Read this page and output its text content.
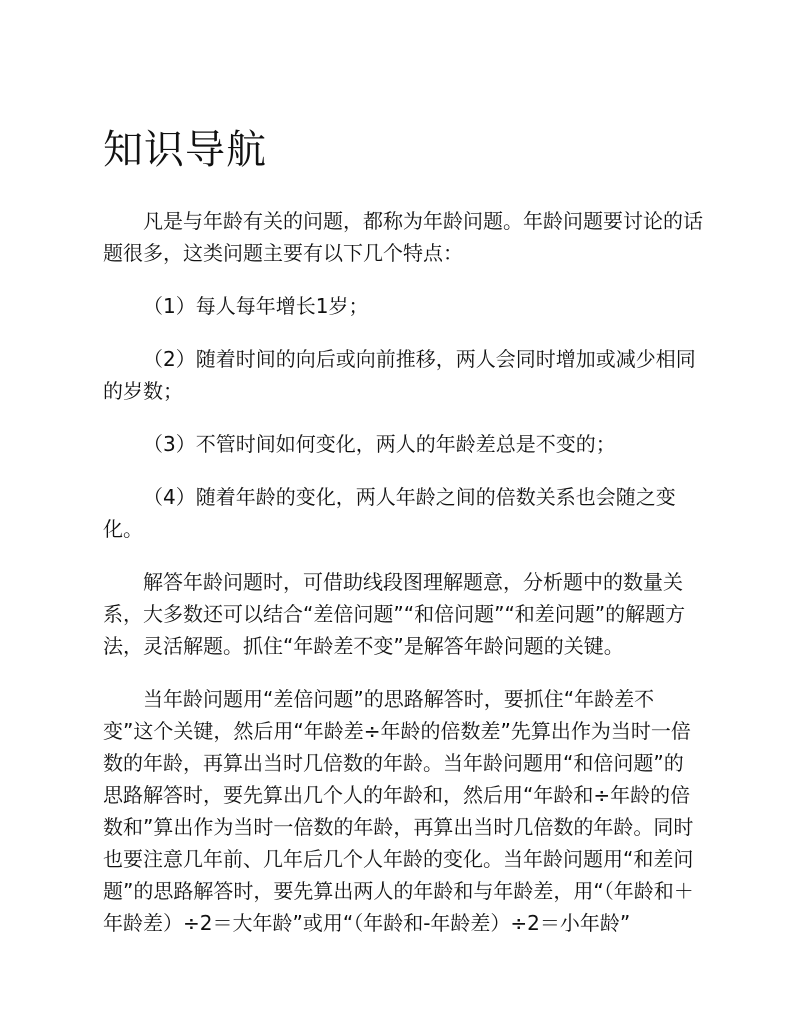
知识导航

凡是与年龄有关的问题，都称为年龄问题。年龄问题要讨论的话题很多，这类问题主要有以下几个特点：

（1）每人每年增长1岁；

（2）随着时间的向后或向前推移，两人会同时增加或减少相同的岁数；

（3）不管时间如何变化，两人的年龄差总是不变的；

（4）随着年龄的变化，两人年龄之间的倍数关系也会随之变化。

解答年龄问题时，可借助线段图理解题意，分析题中的数量关系，大多数还可以结合“差倍问题”“和倍问题”“和差问题”的解题方法，灵活解题。抓住“年龄差不变”是解答年龄问题的关键。

当年龄问题用“差倍问题”的思路解答时，要抓住“年龄差不变”这个关键，然后用“年龄差÷年龄的倍数差”先算出作为当时一倍数的年龄，再算出当时几倍数的年龄。当年龄问题用“和倍问题”的思路解答时，要先算出几个人的年龄和，然后用“年龄和÷年龄的倍数和”算出作为当时一倍数的年龄，再算出当时几倍数的年龄。同时也要注意几年前、几年后几个人年龄的变化。当年龄问题用“和差问题”的思路解答时，要先算出两人的年龄和与年龄差，用“（年龄和＋年龄差）÷2＝大年龄”或用“（年龄和-年龄差）÷2＝小年龄”
